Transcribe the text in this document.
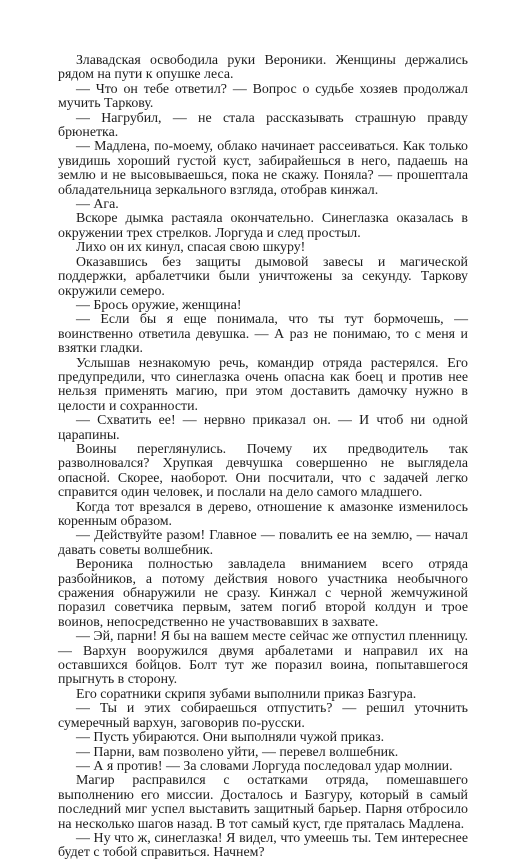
Злавадская освободила руки Вероники. Женщины держались рядом на пути к опушке леса.

— Что он тебе ответил? — Вопрос о судьбе хозяев продолжал мучить Таркову.

— Нагрубил, — не стала рассказывать страшную правду брюнетка.

— Мадлена, по-моему, облако начинает рассеиваться. Как только увидишь хороший густой куст, забирайешься в него, падаешь на землю и не высовываешься, пока не скажу. Поняла? — прошептала обладательница зеркального взгляда, отобрав кинжал.

— Ага.

Вскоре дымка растаяла окончательно. Синеглазка оказалась в окружении трех стрелков. Лоргуда и след простыл.

Лихо он их кинул, спасая свою шкуру!

Оказавшись без защиты дымовой завесы и магической поддержки, арбалетчики были уничтожены за секунду. Таркову окружили семеро.

— Брось оружие, женщина!

— Если бы я еще понимала, что ты тут бормочешь, — воинственно ответила девушка. — А раз не понимаю, то с меня и взятки гладки.

Услышав незнакомую речь, командир отряда растерялся. Его предупредили, что синеглазка очень опасна как боец и против нее нельзя применять магию, при этом доставить дамочку нужно в целости и сохранности.

— Схватить ее! — нервно приказал он. — И чтоб ни одной царапины.

Воины переглянулись. Почему их предводитель так разволновался? Хрупкая девчушка совершенно не выглядела опасной. Скорее, наоборот. Они посчитали, что с задачей легко справится один человек, и послали на дело самого младшего.

Когда тот врезался в дерево, отношение к амазонке изменилось коренным образом.

— Действуйте разом! Главное — повалить ее на землю, — начал давать советы волшебник.

Вероника полностью завладела вниманием всего отряда разбойников, а потому действия нового участника необычного сражения обнаружили не сразу. Кинжал с черной жемчужиной поразил советчика первым, затем погиб второй колдун и трое воинов, непосредственно не участвовавших в захвате.

— Эй, парни! Я бы на вашем месте сейчас же отпустил пленницу. — Вархун вооружился двумя арбалетами и направил их на оставшихся бойцов. Болт тут же поразил воина, попытавшегося прыгнуть в сторону.

Его соратники скрипя зубами выполнили приказ Базгура.

— Ты и этих собираешься отпустить? — решил уточнить сумеречный вархун, заговорив по-русски.

— Пусть убираются. Они выполняли чужой приказ.

— Парни, вам позволено уйти, — перевел волшебник.

— А я против! — За словами Лоргуда последовал удар молнии.

Магир расправился с остатками отряда, помешавшего выполнению его миссии. Досталось и Базгуру, который в самый последний миг успел выставить защитный барьер. Парня отбросило на несколько шагов назад. В тот самый куст, где пряталась Мадлена.

— Ну что ж, синеглазка! Я видел, что умеешь ты. Тем интереснее будет с тобой справиться. Начнем?
